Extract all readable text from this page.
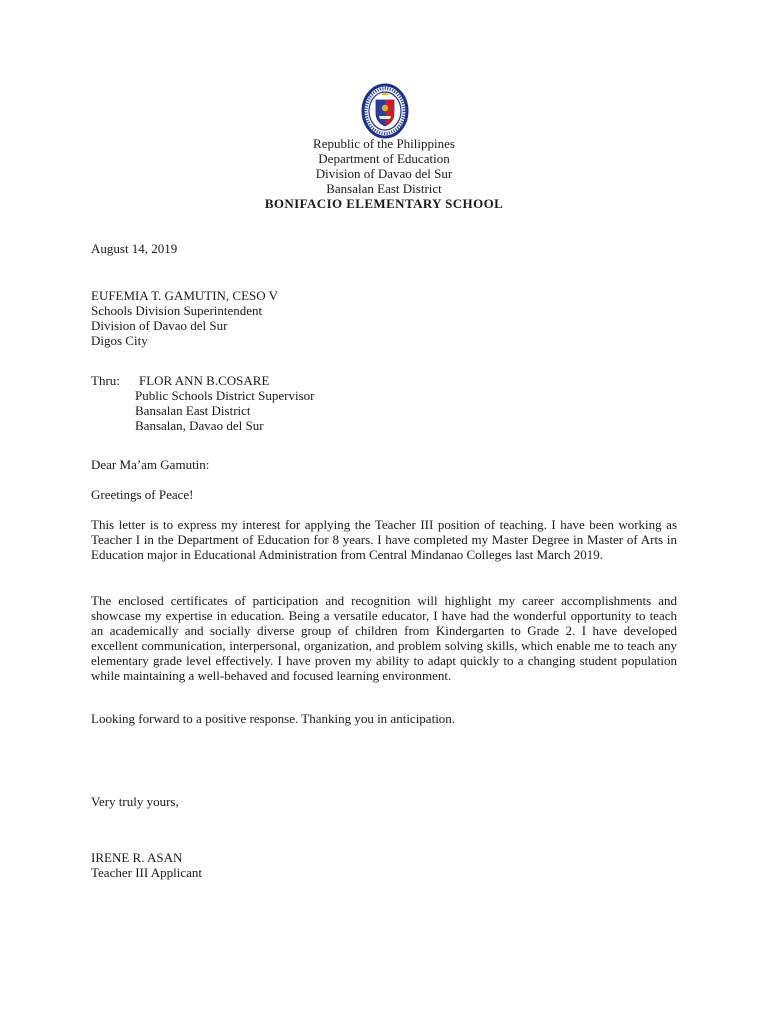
Republic of the Philippines
Department of Education
Division of Davao del Sur
Bansalan East District
BONIFACIO ELEMENTARY SCHOOL
August 14, 2019
EUFEMIA T. GAMUTIN, CESO V
Schools Division Superintendent
Division of Davao del Sur
Digos City
Thru: FLOR ANN B.COSARE
Public Schools District Supervisor
Bansalan East District
Bansalan, Davao del Sur
Dear Ma’am Gamutin:
Greetings of Peace!
This letter is to express my interest for applying the Teacher III position of teaching. I have been working as Teacher I in the Department of Education for 8 years. I have completed my Master Degree in Master of Arts in Education major in Educational Administration from Central Mindanao Colleges last March 2019.
The enclosed certificates of participation and recognition will highlight my career accomplishments and showcase my expertise in education. Being a versatile educator, I have had the wonderful opportunity to teach an academically and socially diverse group of children from Kindergarten to Grade 2. I have developed excellent communication, interpersonal, organization, and problem solving skills, which enable me to teach any elementary grade level effectively. I have proven my ability to adapt quickly to a changing student population while maintaining a well-behaved and focused learning environment.
Looking forward to a positive response. Thanking you in anticipation.
Very truly yours,
IRENE R. ASAN
Teacher III Applicant
